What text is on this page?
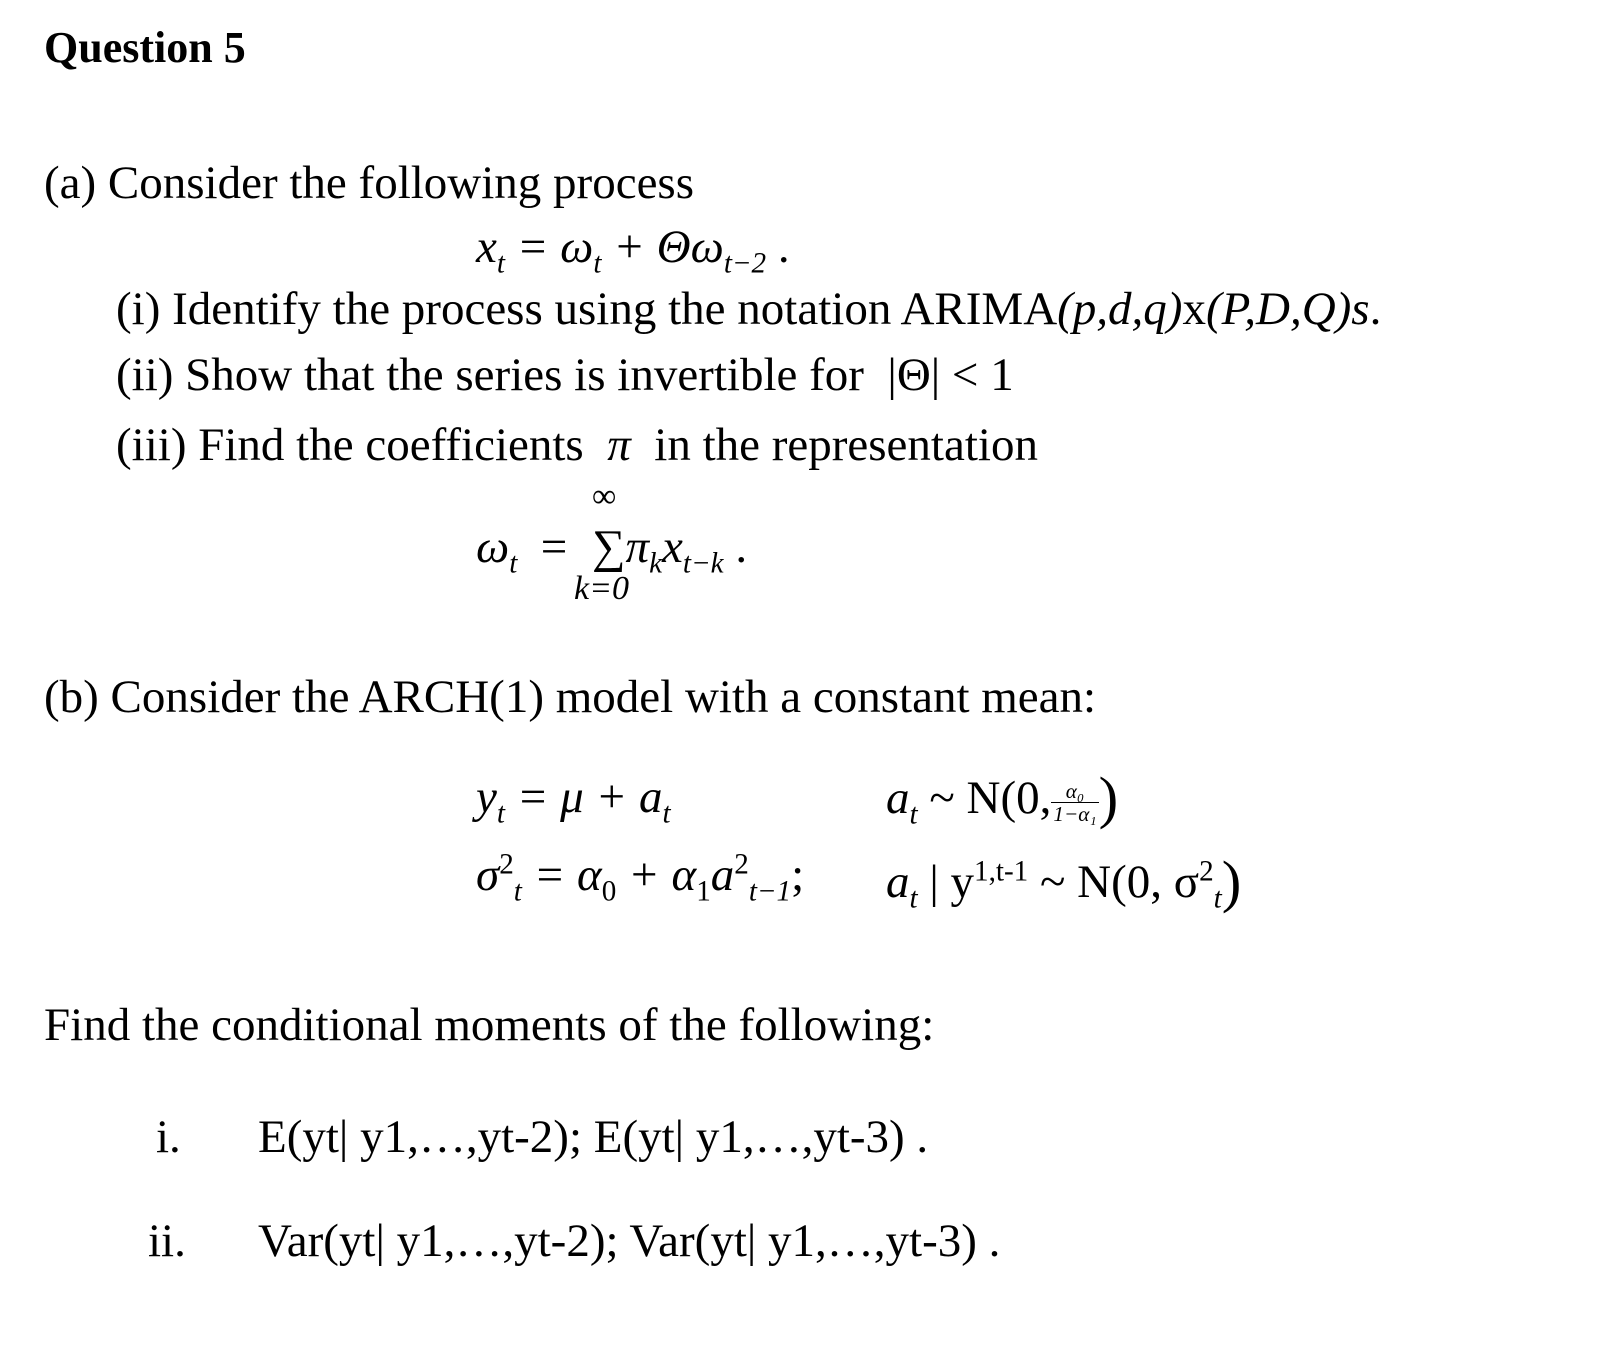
Question 5
(a) Consider the following process
$x_t = \omega_t + \Theta\omega_{t-2}$ .
(i) Identify the process using the notation ARIMA(p,d,q)x(P,D,Q)s.
(ii) Show that the series is invertible for |Θ| < 1
(iii) Find the coefficients π in the representation
$\omega_t$ =
∞
$\sum\pi_kx_{t-k}$ .
k=0
(b) Consider the ARCH(1) model with a constant mean:
$y_t = \mu + a_t$
$\sigma^2_t = \alpha_0 + \alpha_1a^2_{t-1}$;
$a_t$ ~ N(0, $\frac{\text{α₀}}{\text{1−α₁}}$ )
$a_t$ | $y^{1,t-1}$ ~ N(0, $\sigma^2_t$)
Find the conditional moments of the following:
i. E(yt| y1,…,yt-2); E(yt| y1,…,yt-3) .
ii. Var(yt| y1,…,yt-2); Var(yt| y1,…,yt-3) .
